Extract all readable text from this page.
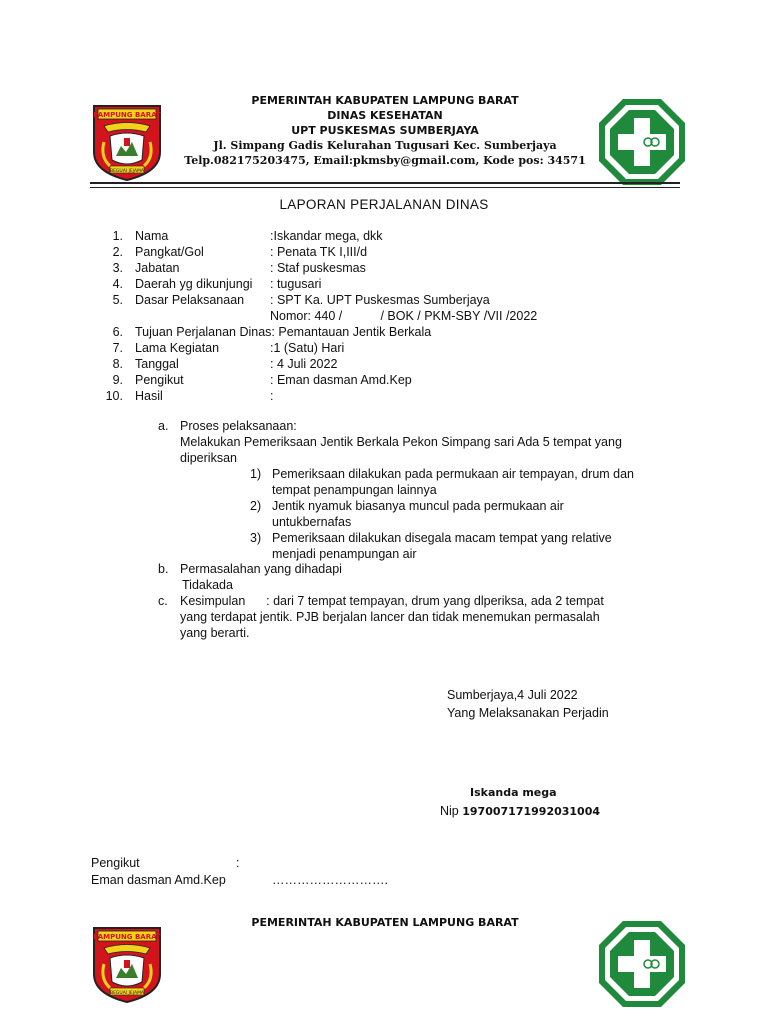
LAMPUNG BARAT
BEGUAI JEJAMA
PEMERINTAH KABUPATEN LAMPUNG BARAT
DINAS KESEHATAN
UPT PUSKESMAS SUMBERJAYA
Jl. Simpang Gadis Kelurahan Tugusari Kec. Sumberjaya
Telp.082175203475, Email:pkmsby@gmail.com, Kode pos: 34571
LAPORAN PERJALANAN DINAS
1. Nama	:Iskandar mega, dkk
2. Pangkat/Gol	: Penata TK I,III/d
3. Jabatan	: Staf puskesmas
4. Daerah yg dikunjungi : tugusari
5. Dasar Pelaksanaan : SPT Ka. UPT Puskesmas Sumberjaya
Nomor: 440 /           / BOK / PKM-SBY /VII /2022
6. Tujuan Perjalanan Dinas: Pemantauan Jentik Berkala
7. Lama Kegiatan	:1 (Satu) Hari
8. Tanggal	: 4 Juli 2022
9. Pengikut	: Eman dasman Amd.Kep
10. Hasil	:
a. Proses pelaksanaan:
Melakukan Pemeriksaan Jentik Berkala Pekon Simpang sari Ada 5 tempat yang
diperiksan
1) Pemeriksaan dilakukan pada permukaan air tempayan, drum dan
tempat penampungan lainnya
2) Jentik nyamuk biasanya muncul pada permukaan air
untukbernafas
3) Pemeriksaan dilakukan disegala macam tempat yang relative
menjadi penampungan air
b. Permasalahan yang dihadapi
Tidakada
c. Kesimpulan      : dari 7 tempat tempayan, drum yang dlperiksa, ada 2 tempat
yang terdapat jentik. PJB berjalan lancer dan tidak menemukan permasalah
yang berarti.
Sumberjaya,4 Juli 2022
Yang Melaksanakan Perjadin
Iskanda mega
Nip 197007171992031004
Pengikut	:
Eman dasman Amd.Kep	……………………….
LAMPUNG BARAT
BEGUAI JEJAMA
PEMERINTAH KABUPATEN LAMPUNG BARAT
